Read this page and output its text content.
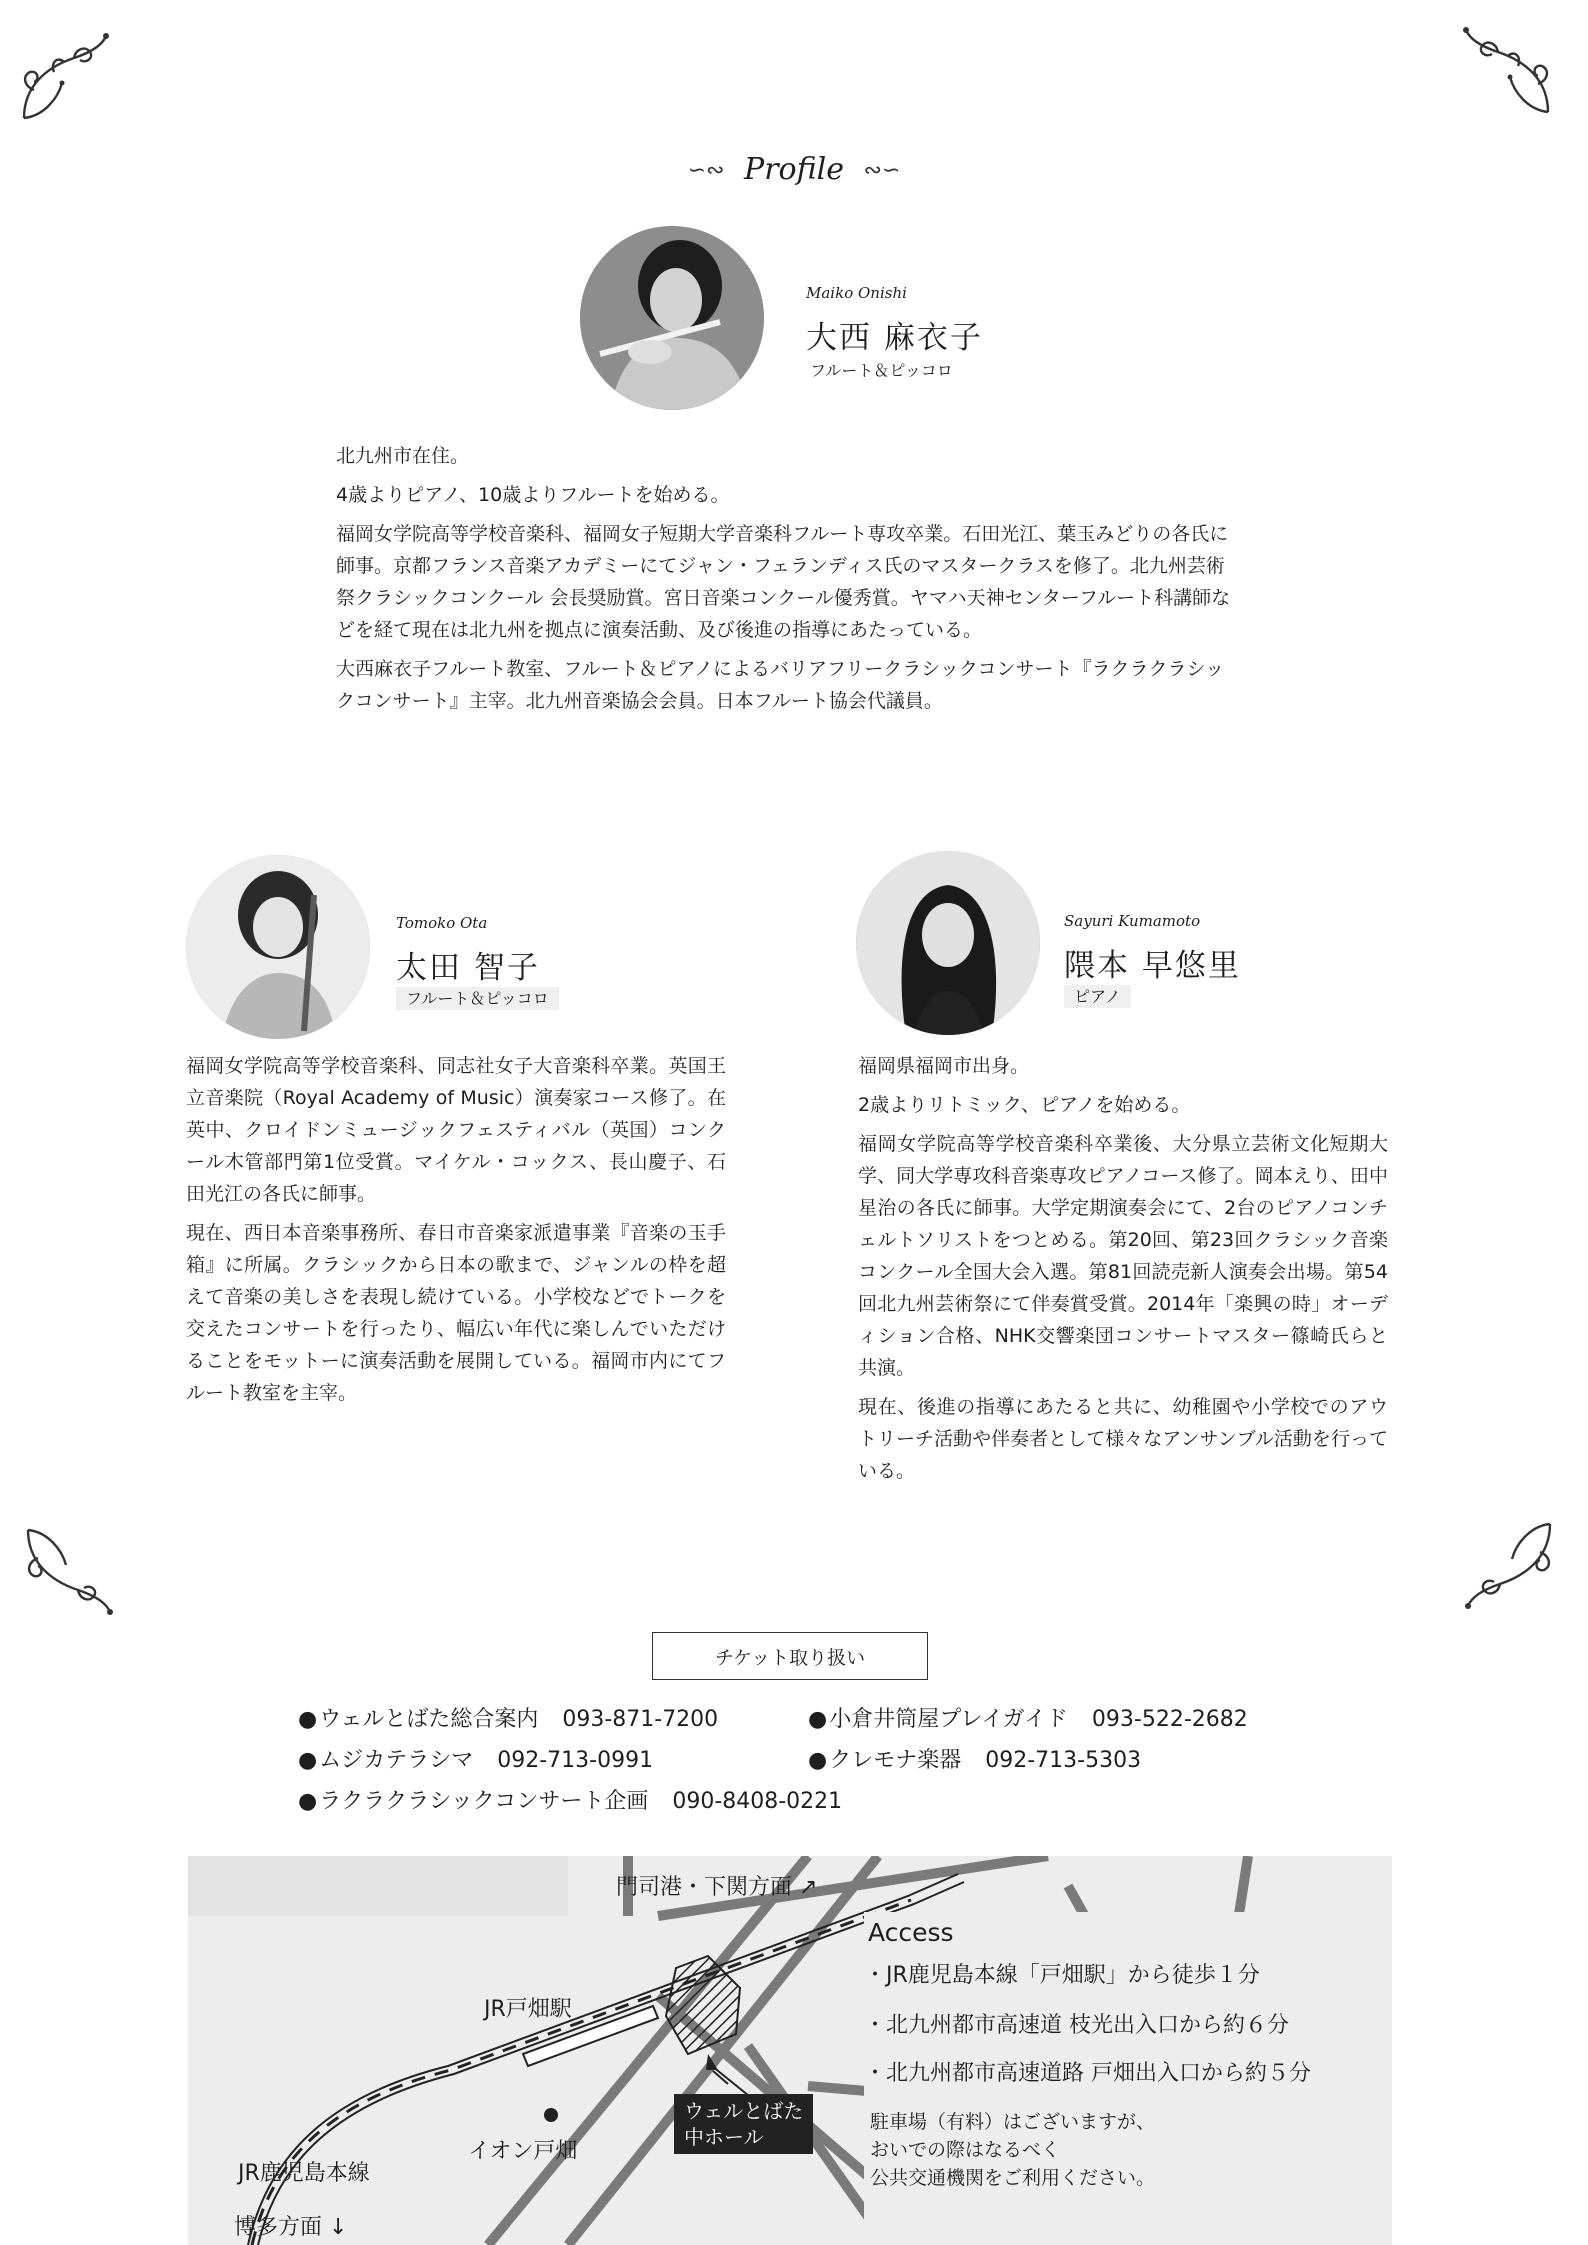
∽∾ Profile ∾∽
Maiko Onishi
大西 麻衣子
フルート＆ピッコロ

北九州市在住。

4歳よりピアノ、10歳よりフルートを始める。

福岡女学院高等学校音楽科、福岡女子短期大学音楽科フルート専攻卒業。石田光江、葉玉みどりの各氏に師事。京都フランス音楽アカデミーにてジャン・フェランディス氏のマスタークラスを修了。北九州芸術祭クラシックコンクール 会長奨励賞。宮日音楽コンクール優秀賞。ヤマハ天神センターフルート科講師などを経て現在は北九州を拠点に演奏活動、及び後進の指導にあたっている。

大西麻衣子フルート教室、フルート＆ピアノによるバリアフリークラシックコンサート『ラクラクラシックコンサート』主宰。北九州音楽協会会員。日本フルート協会代議員。

Tomoko Ota
太田 智子
フルート＆ピッコロ

福岡女学院高等学校音楽科、同志社女子大音楽科卒業。英国王立音楽院（Royal Academy of Music）演奏家コース修了。在英中、クロイドンミュージックフェスティバル（英国）コンクール木管部門第1位受賞。マイケル・コックス、長山慶子、石田光江の各氏に師事。

現在、西日本音楽事務所、春日市音楽家派遣事業『音楽の玉手箱』に所属。クラシックから日本の歌まで、ジャンルの枠を超えて音楽の美しさを表現し続けている。小学校などでトークを交えたコンサートを行ったり、幅広い年代に楽しんでいただけることをモットーに演奏活動を展開している。福岡市内にてフルート教室を主宰。

Sayuri Kumamoto
隈本 早悠里
ピアノ

福岡県福岡市出身。

2歳よりリトミック、ピアノを始める。

福岡女学院高等学校音楽科卒業後、大分県立芸術文化短期大学、同大学専攻科音楽専攻ピアノコース修了。岡本えり、田中星治の各氏に師事。大学定期演奏会にて、2台のピアノコンチェルトソリストをつとめる。第20回、第23回クラシック音楽コンクール全国大会入選。第81回読売新人演奏会出場。第54回北九州芸術祭にて伴奏賞受賞。2014年「楽興の時」オーディション合格、NHK交響楽団コンサートマスター篠崎氏らと共演。

現在、後進の指導にあたると共に、幼稚園や小学校でのアウトリーチ活動や伴奏者として様々なアンサンブル活動を行っている。

チケット取り扱い
●ウェルとばた総合案内 093-871-7200	●小倉井筒屋プレイガイド 093-522-2682
●ムジカテラシマ 092-713-0991	●クレモナ楽器 092-713-5303
●ラクラクラシックコンサート企画 090-8408-0221
門司港・下関方面 ↗
JR戸畑駅
イオン戸畑
JR鹿児島本線
博多方面 ↓
ウェルとばた
中ホール
Access
・JR鹿児島本線「戸畑駅」から徒歩１分
・北九州都市高速道 枝光出入口から約６分
・北九州都市高速道路 戸畑出入口から約５分
駐車場（有料）はございますが、
おいでの際はなるべく
公共交通機関をご利用ください。
